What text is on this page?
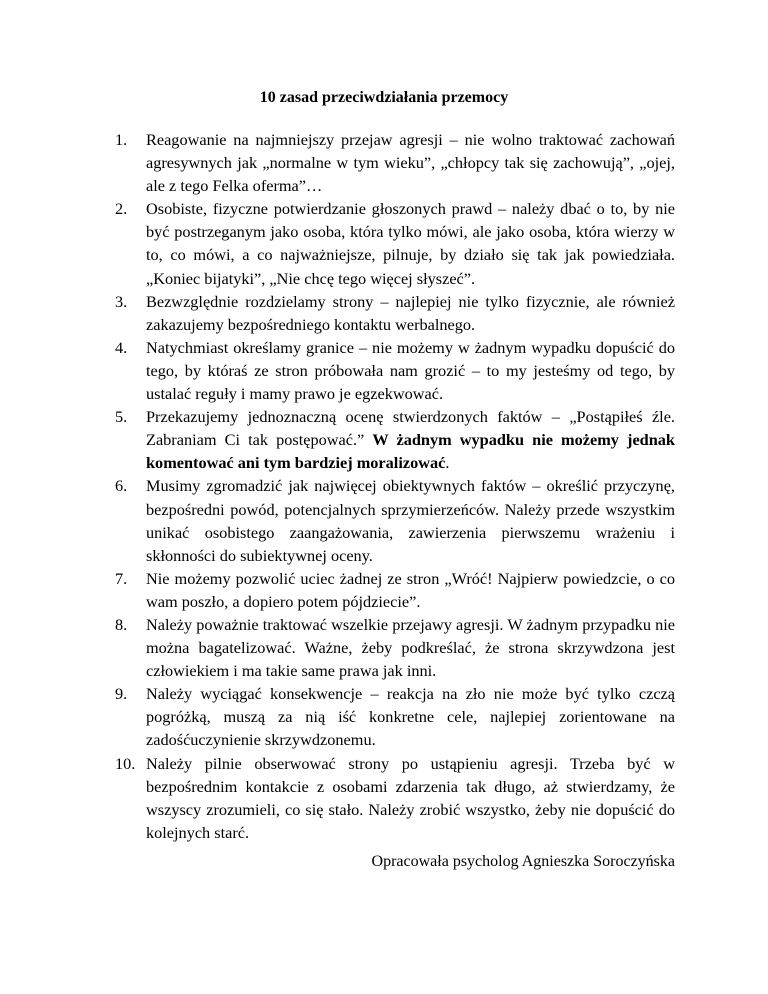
10 zasad przeciwdziałania przemocy
1.	Reagowanie na najmniejszy przejaw agresji – nie wolno traktować zachowań agresywnych jak „normalne w tym wieku”, „chłopcy tak się zachowują”, „ojej, ale z tego Felka oferma”…
2.	Osobiste, fizyczne potwierdzanie głoszonych prawd – należy dbać o to, by nie być postrzeganym jako osoba, która tylko mówi, ale jako osoba, która wierzy w to, co mówi, a co najważniejsze, pilnuje, by działo się tak jak powiedziała. „Koniec bijatyki”, „Nie chcę tego więcej słyszeć”.
3.	Bezwzględnie rozdzielamy strony – najlepiej nie tylko fizycznie, ale również zakazujemy bezpośredniego kontaktu werbalnego.
4.	Natychmiast określamy granice – nie możemy w żadnym wypadku dopuścić do tego, by któraś ze stron próbowała nam grozić – to my jesteśmy od tego, by ustalać reguły i mamy prawo je egzekwować.
5.	Przekazujemy jednoznaczną ocenę stwierdzonych faktów – „Postąpiłeś źle. Zabraniam Ci tak postępować.” W żadnym wypadku nie możemy jednak komentować ani tym bardziej moralizować.
6.	Musimy zgromadzić jak najwięcej obiektywnych faktów – określić przyczynę, bezpośredni powód, potencjalnych sprzymierzeńców. Należy przede wszystkim unikać osobistego zaangażowania, zawierzenia pierwszemu wrażeniu i skłonności do subiektywnej oceny.
7.	Nie możemy pozwolić uciec żadnej ze stron „Wróć! Najpierw powiedzcie, o co wam poszło, a dopiero potem pójdziecie”.
8.	Należy poważnie traktować wszelkie przejawy agresji. W żadnym przypadku nie można bagatelizować. Ważne, żeby podkreślać, że strona skrzywdzona jest człowiekiem i ma takie same prawa jak inni.
9.	Należy wyciągać konsekwencje – reakcja na zło nie może być tylko czczą pogróżką, muszą za nią iść konkretne cele, najlepiej zorientowane na zadośćuczynienie skrzywdzonemu.
10. Należy pilnie obserwować strony po ustąpieniu agresji. Trzeba być w bezpośrednim kontakcie z osobami zdarzenia tak długo, aż stwierdzamy, że wszyscy zrozumieli, co się stało. Należy zrobić wszystko, żeby nie dopuścić do kolejnych starć.
Opracowała psycholog Agnieszka Soroczyńska
